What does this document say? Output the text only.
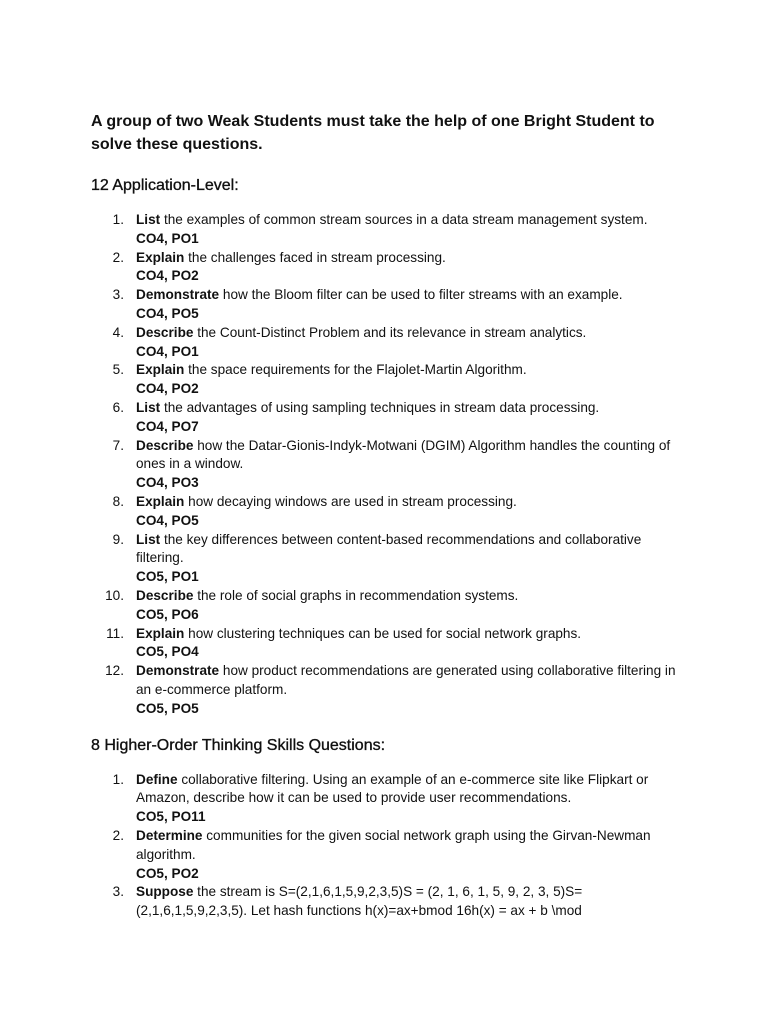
A group of two Weak Students must take the help of one Bright Student to solve these questions.

12 Application-Level:
1. List the examples of common stream sources in a data stream management system.
CO4, PO1
2. Explain the challenges faced in stream processing.
CO4, PO2
3. Demonstrate how the Bloom filter can be used to filter streams with an example.
CO4, PO5
4. Describe the Count-Distinct Problem and its relevance in stream analytics.
CO4, PO1
5. Explain the space requirements for the Flajolet-Martin Algorithm.
CO4, PO2
6. List the advantages of using sampling techniques in stream data processing.
CO4, PO7
7. Describe how the Datar-Gionis-Indyk-Motwani (DGIM) Algorithm handles the counting of ones in a window.
CO4, PO3
8. Explain how decaying windows are used in stream processing.
CO4, PO5
9. List the key differences between content-based recommendations and collaborative filtering.
CO5, PO1
10. Describe the role of social graphs in recommendation systems.
CO5, PO6
11. Explain how clustering techniques can be used for social network graphs.
CO5, PO4
12. Demonstrate how product recommendations are generated using collaborative filtering in an e-commerce platform.
CO5, PO5
8 Higher-Order Thinking Skills Questions:
1. Define collaborative filtering. Using an example of an e-commerce site like Flipkart or Amazon, describe how it can be used to provide user recommendations.
CO5, PO11
2. Determine communities for the given social network graph using the Girvan-Newman algorithm.
CO5, PO2
3. Suppose the stream is S=(2,1,6,1,5,9,2,3,5)S = (2, 1, 6, 1, 5, 9, 2, 3, 5)S=(2,1,6,1,5,9,2,3,5). Let hash functions h(x)=ax+bmod 16h(x) = ax + b \mod
